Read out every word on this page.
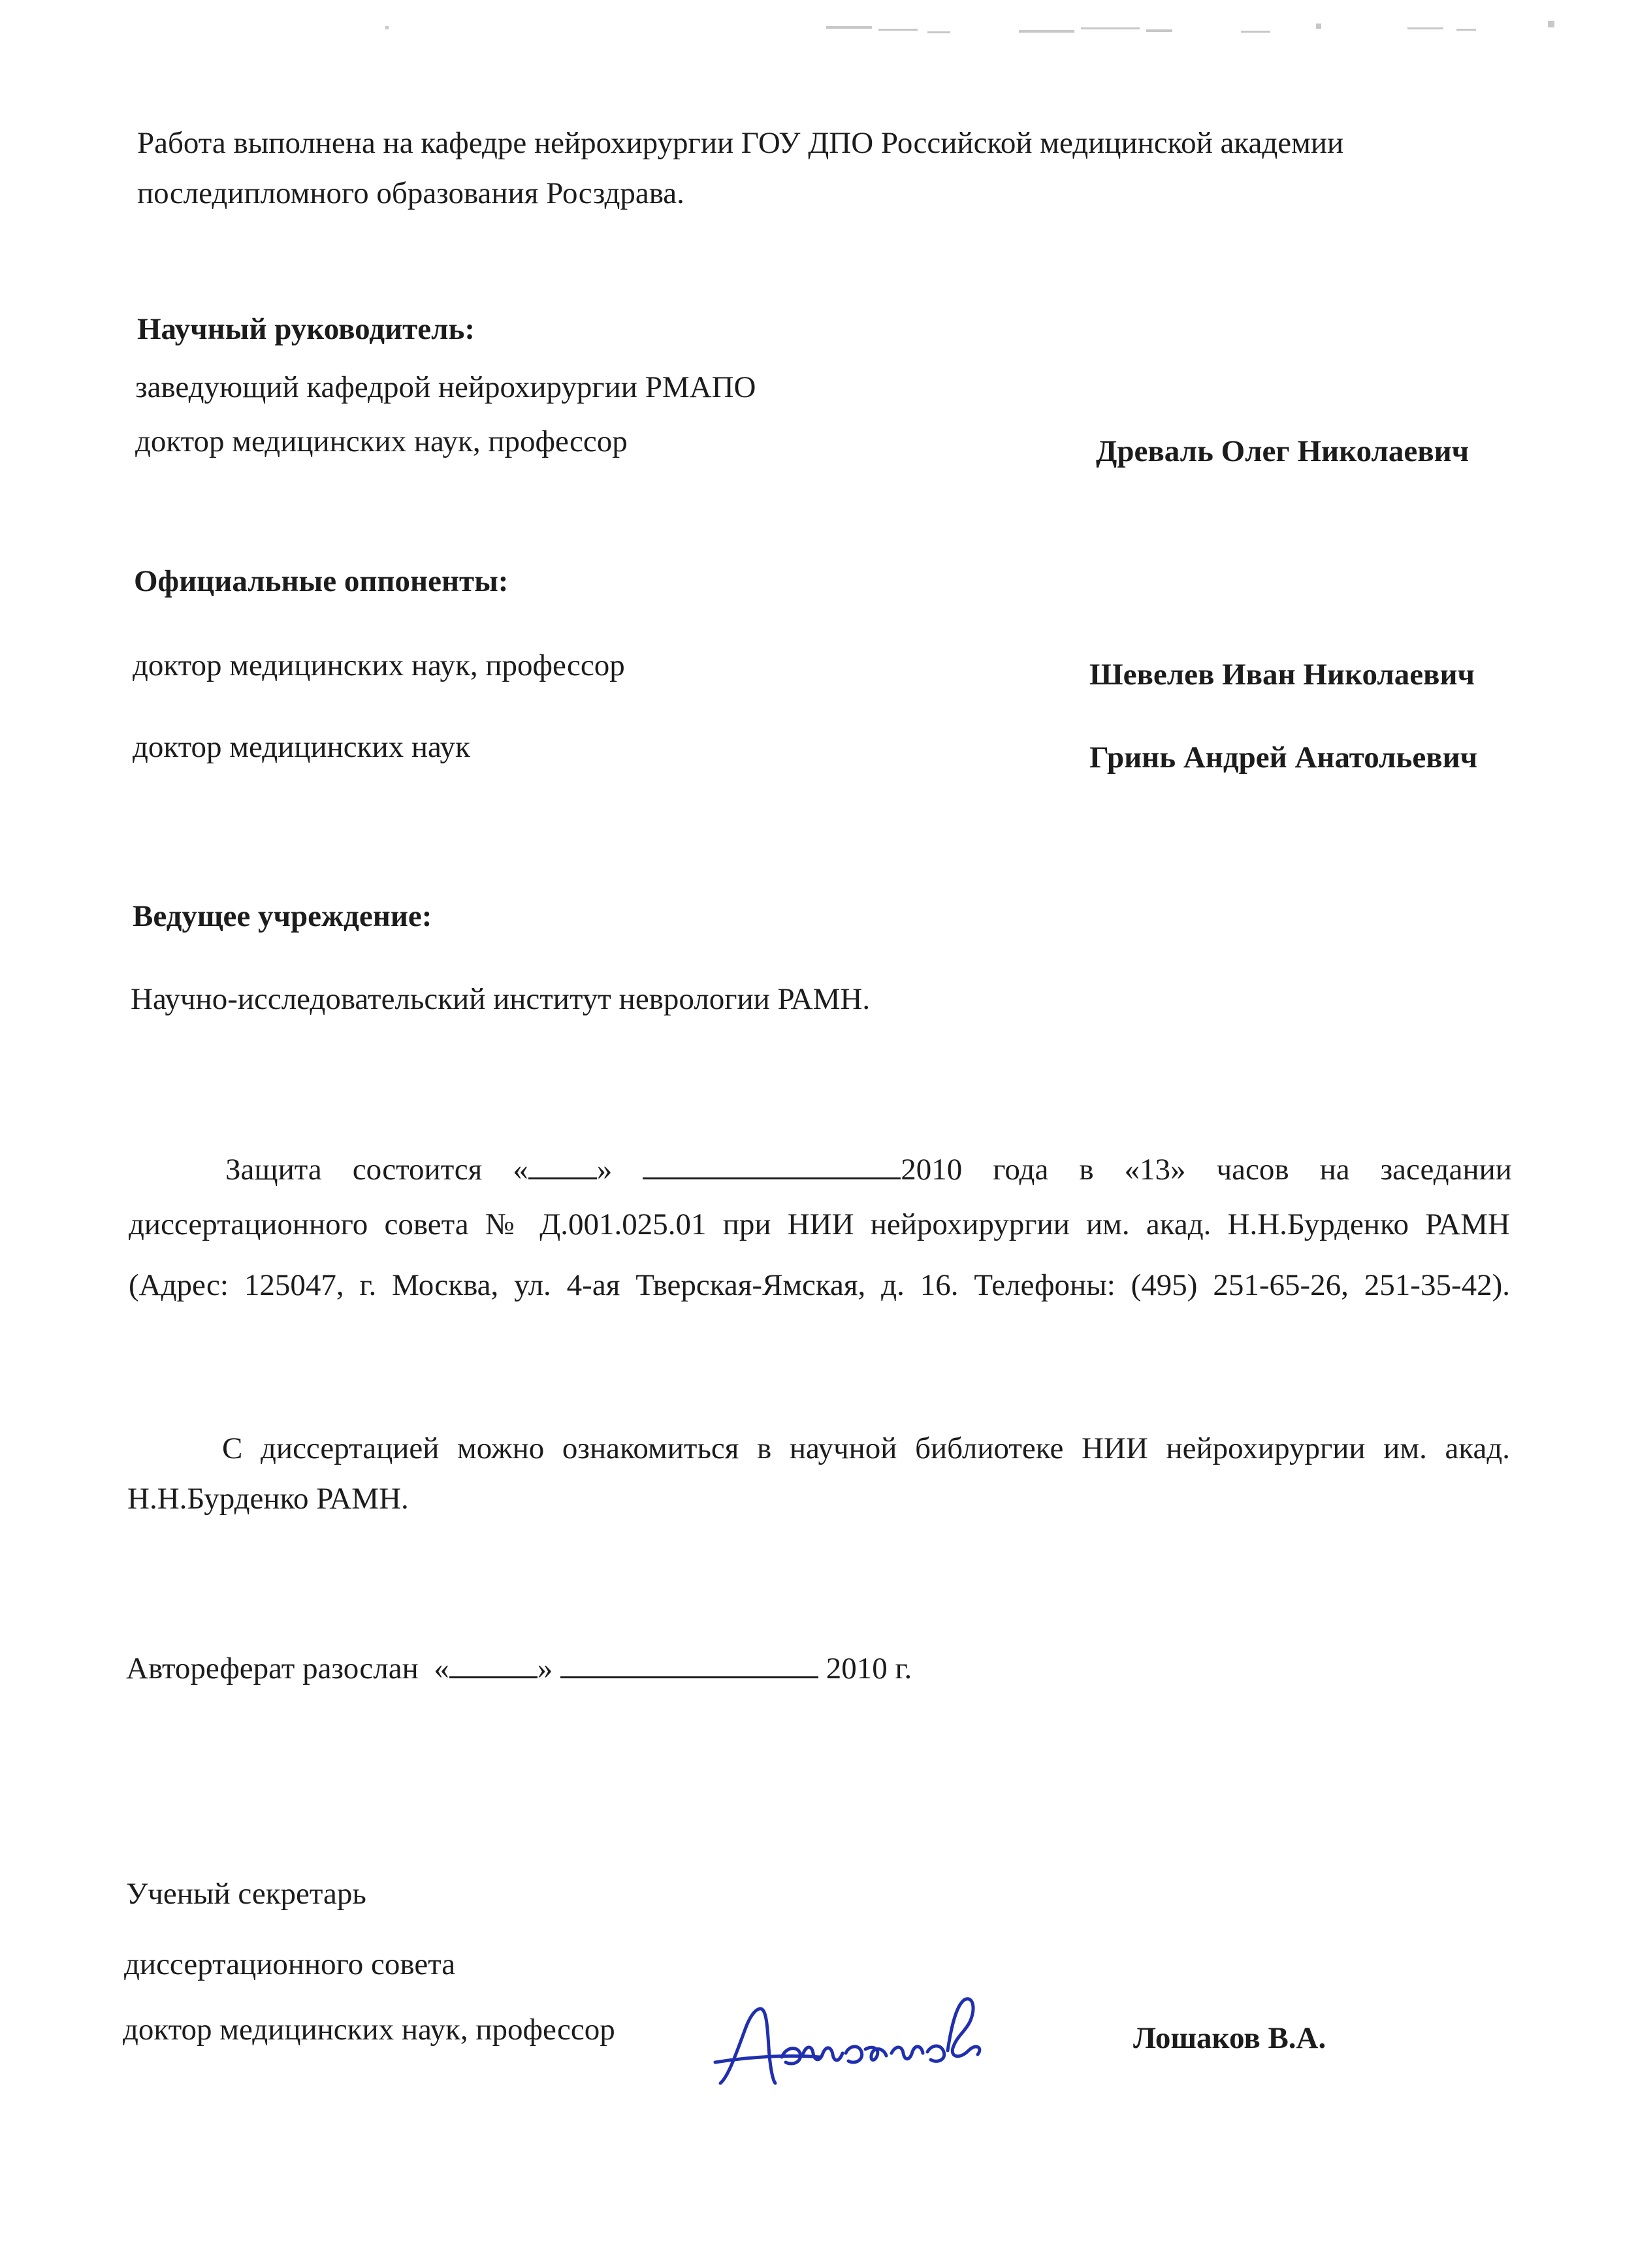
Работа выполнена на кафедре нейрохирургии ГОУ ДПО Российской медицинской академии

последипломного образования Росздрава.

Научный руководитель:

заведующий кафедрой нейрохирургии РМАПО

доктор медицинских наук, профессор	Древаль Олег Николаевич

Официальные оппоненты:

доктор медицинских наук, профессор	Шевелев Иван Николаевич

доктор медицинских наук	Гринь Андрей Анатольевич

Ведущее учреждение:

Научно-исследовательский институт неврологии РАМН.

Защита состоится « »	2010 года в «13» часов на заседании

диссертационного совета № Д.001.025.01 при НИИ нейрохирургии им. акад. Н.Н.Бурденко РАМН

(Адрес: 125047, г. Москва, ул. 4-ая Тверская-Ямская, д. 16. Телефоны: (495) 251-65-26, 251-35-42).

С диссертацией можно ознакомиться в научной библиотеке НИИ нейрохирургии им. акад.

Н.Н.Бурденко РАМН.

Автореферат разослан «	»	2010 г.

Ученый секретарь

диссертационного совета

доктор медицинских наук, профессор	Лошаков В.А.
